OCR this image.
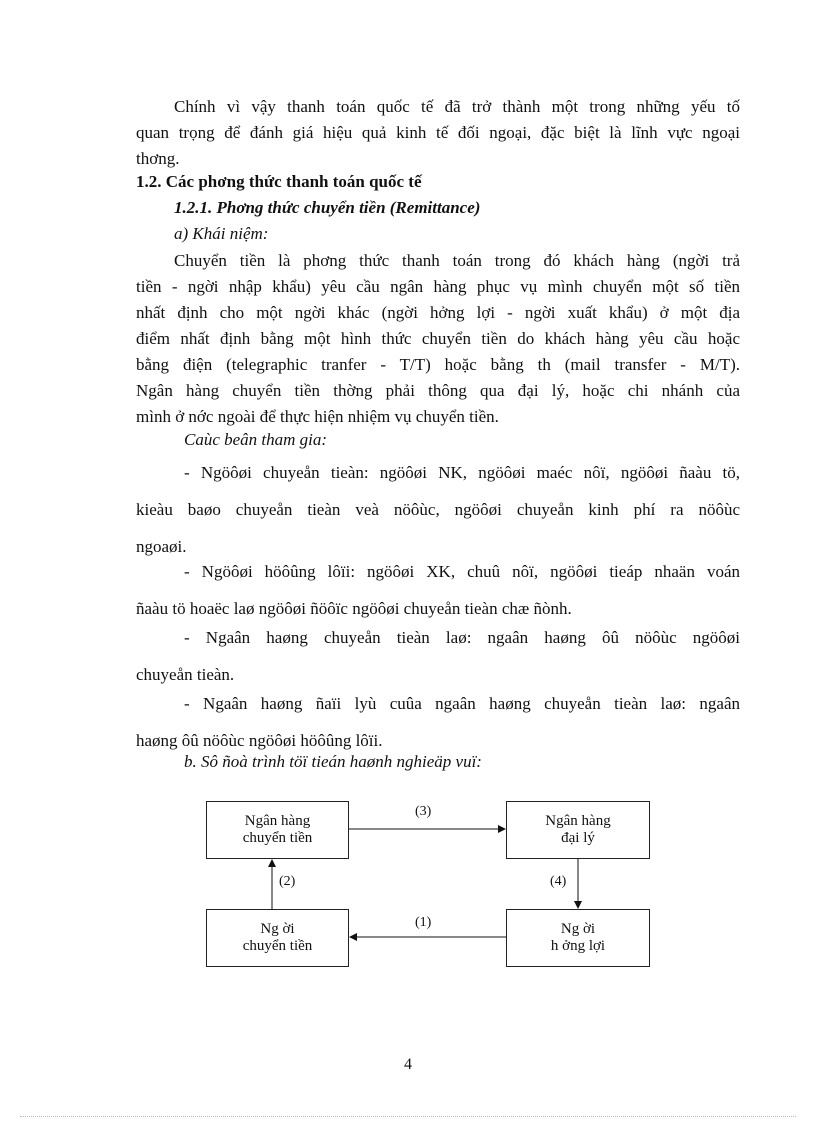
Chính vì vậy thanh toán quốc tế đã trở thành một trong những yếu tố
quan trọng để đánh giá hiệu quả kinh tế đối ngoại, đặc biệt là lĩnh vực ngoại
thơng.
1.2. Các phơng thức thanh toán quốc tế
1.2.1. Phơng thức chuyển tiền (Remittance)
a) Khái niệm:
Chuyển tiền là phơng thức thanh toán trong đó khách hàng (ngời trả
tiền - ngời nhập khẩu) yêu cầu ngân hàng phục vụ mình chuyển một số tiền
nhất định cho một ngời khác (ngời hởng lợi - ngời xuất khẩu) ở một địa
điểm nhất định bằng một hình thức chuyển tiền do khách hàng yêu cầu hoặc
bằng điện (telegraphic tranfer - T/T) hoặc bằng th (mail transfer - M/T).
Ngân hàng chuyển tiền thờng phải thông qua đại lý, hoặc chi nhánh của
mình ở nớc ngoài để thực hiện nhiệm vụ chuyển tiền.
Caùc beân tham gia:
- Ngöôøi chuyeån tieàn: ngöôøi NK, ngöôøi maéc nôï, ngöôøi ñaàu tö,
kieàu baøo chuyeån tieàn veà nöôùc, ngöôøi chuyeån kinh phí ra nöôùc
ngoaøi.
- Ngöôøi höôûng lôïi: ngöôøi XK, chuû nôï, ngöôøi tieáp nhaän voán
ñaàu tö hoaëc laø ngöôøi ñöôïc ngöôøi chuyeån tieàn chæ ñònh.
- Ngaân haøng chuyeån tieàn laø: ngaân haøng ôû nöôùc ngöôøi
chuyeån tieàn.
- Ngaân haøng ñaïi lyù cuûa ngaân haøng chuyeån tieàn laø: ngaân
haøng ôû nöôùc ngöôøi höôûng lôïi.
b. Sô ñoà trình töï tieán haønh nghieäp vuï:
Ngân hàng
chuyển tiền
Ngân hàng
đại lý
Ng ời
chuyển tiền
Ng ời
h ởng lợi
(3)
(4)
(1)
(2)
4
